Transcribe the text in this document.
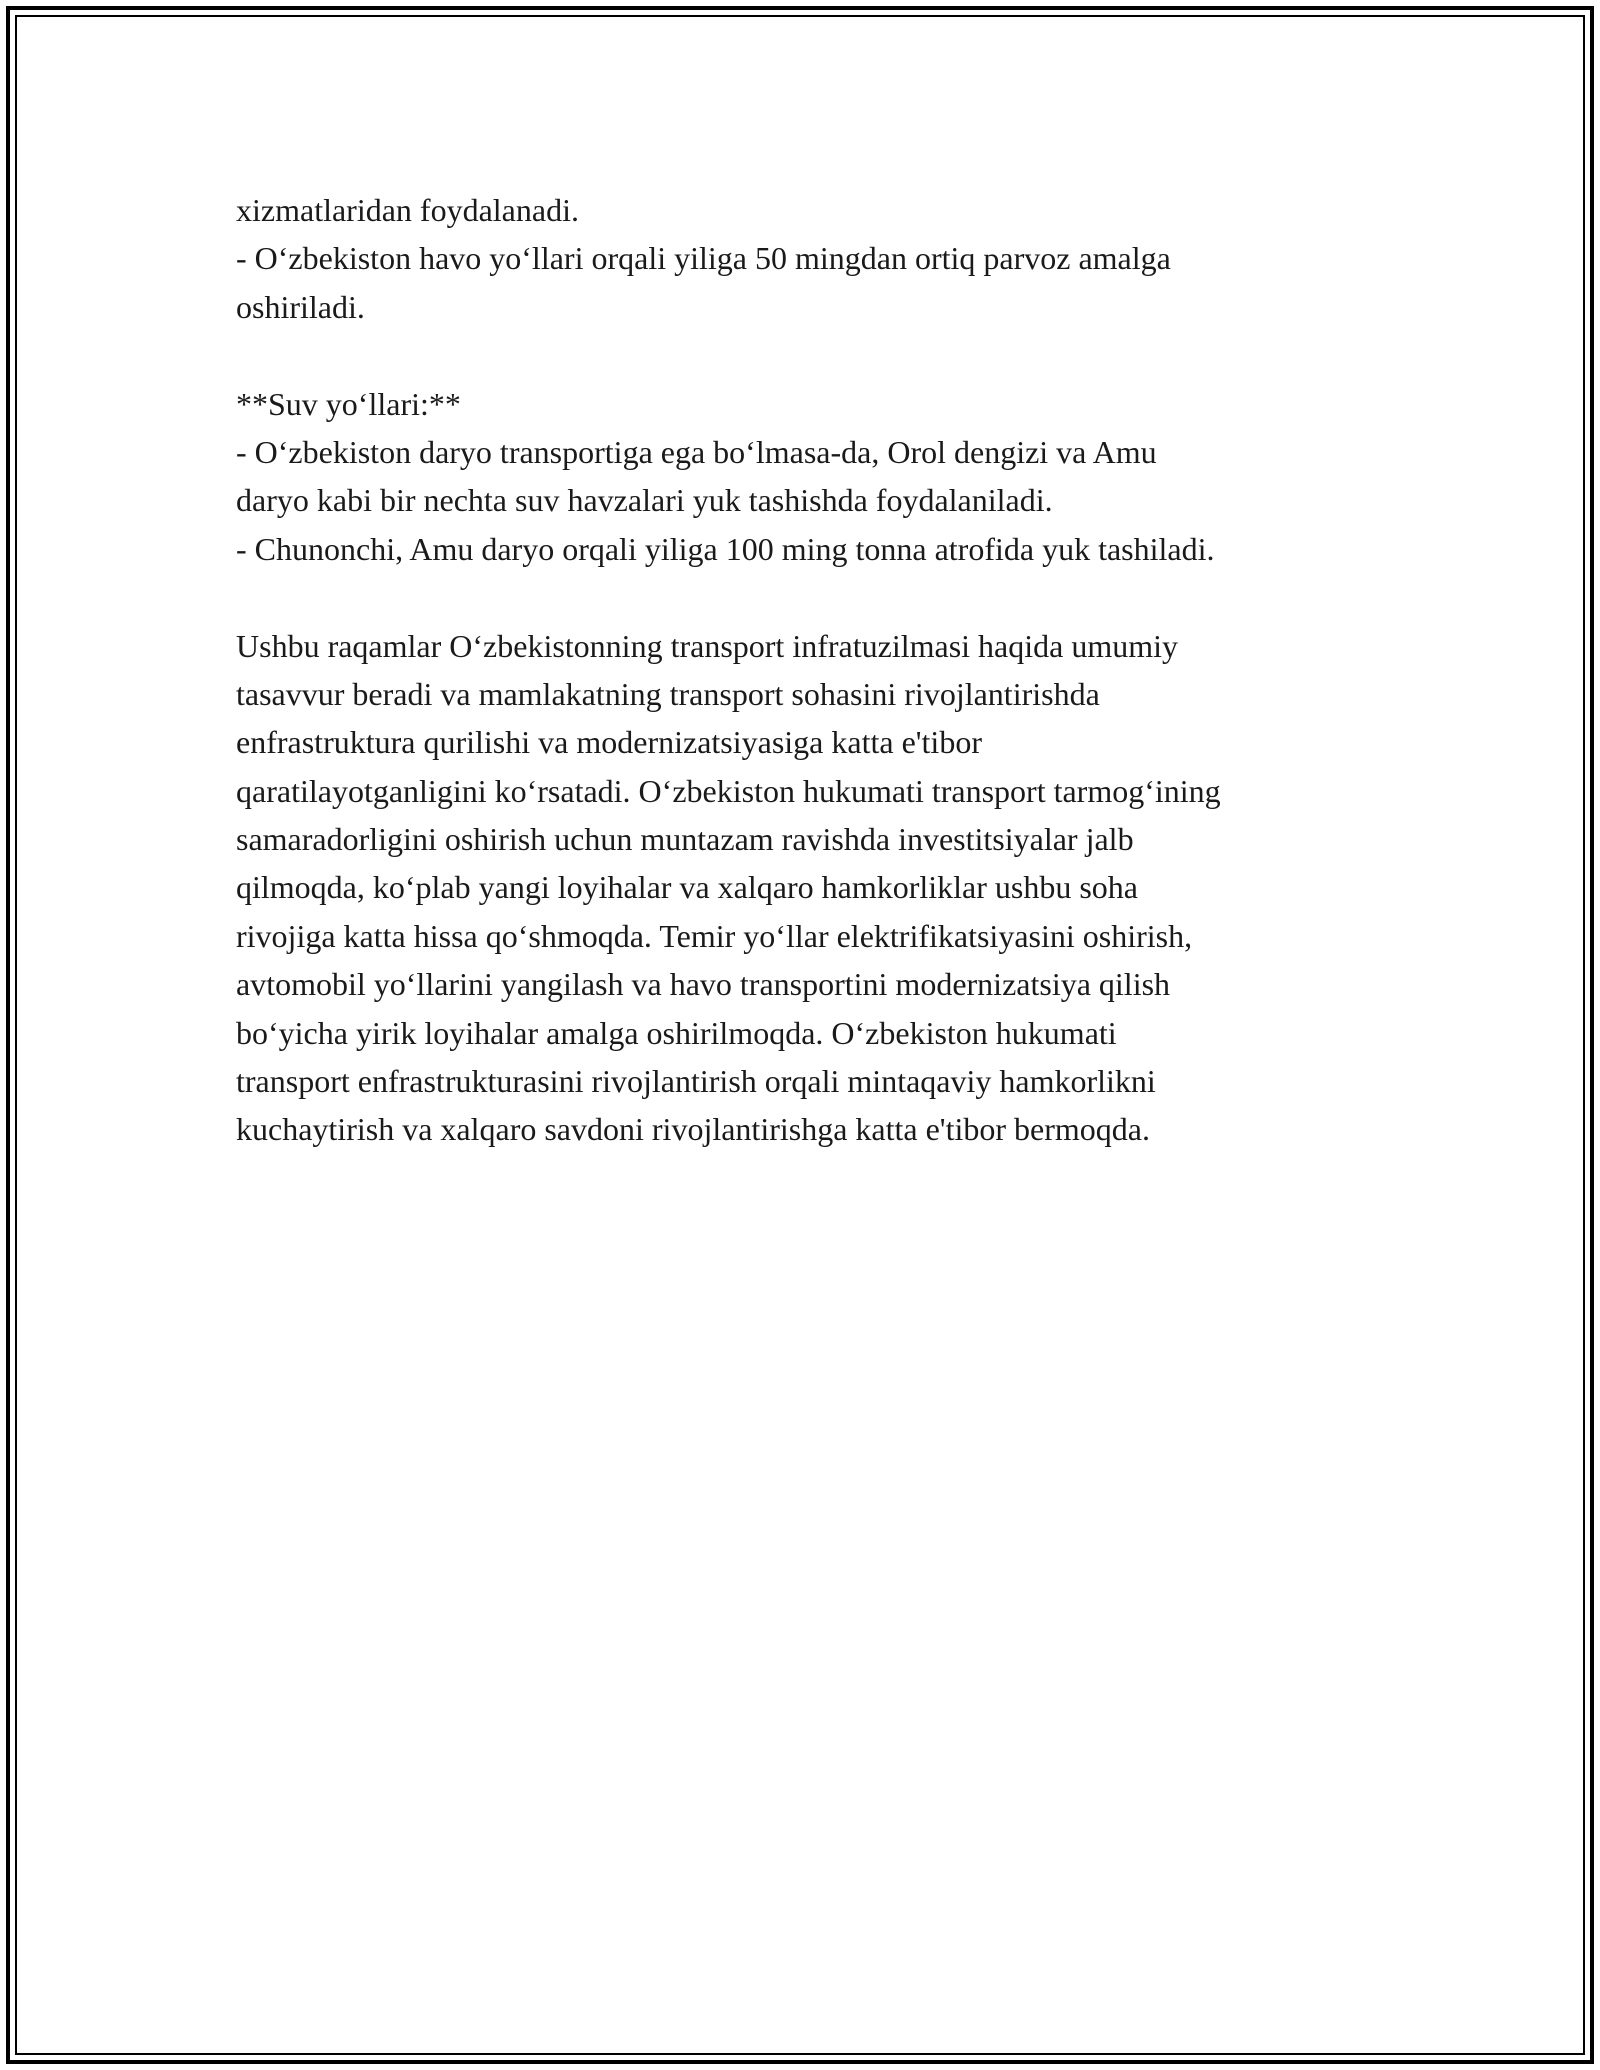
xizmatlaridan foydalanadi.
- O‘zbekiston havo yo‘llari orqali yiliga 50 mingdan ortiq parvoz amalga
oshiriladi.
**Suv yo‘llari:**
- O‘zbekiston daryo transportiga ega bo‘lmasa-da, Orol dengizi va Amu
daryo kabi bir nechta suv havzalari yuk tashishda foydalaniladi.
- Chunonchi, Amu daryo orqali yiliga 100 ming tonna atrofida yuk tashiladi.
Ushbu raqamlar O‘zbekistonning transport infratuzilmasi haqida umumiy
tasavvur beradi va mamlakatning transport sohasini rivojlantirishda
enfrastruktura qurilishi va modernizatsiyasiga katta e'tibor
qaratilayotganligini ko‘rsatadi. O‘zbekiston hukumati transport tarmog‘ining
samaradorligini oshirish uchun muntazam ravishda investitsiyalar jalb
qilmoqda, ko‘plab yangi loyihalar va xalqaro hamkorliklar ushbu soha
rivojiga katta hissa qo‘shmoqda. Temir yo‘llar elektrifikatsiyasini oshirish,
avtomobil yo‘llarini yangilash va havo transportini modernizatsiya qilish
bo‘yicha yirik loyihalar amalga oshirilmoqda. O‘zbekiston hukumati
transport enfrastrukturasini rivojlantirish orqali mintaqaviy hamkorlikni
kuchaytirish va xalqaro savdoni rivojlantirishga katta e'tibor bermoqda.
